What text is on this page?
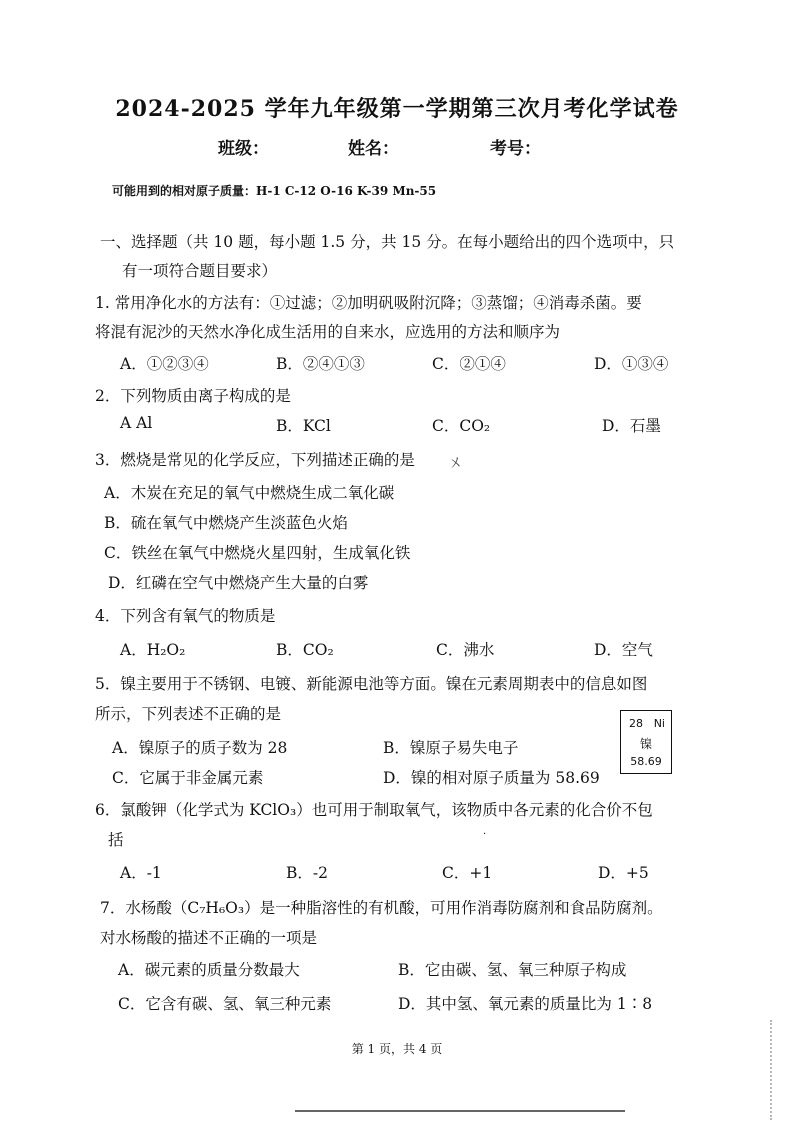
2024-2025 学年九年级第一学期第三次月考化学试卷
班级：	姓名：	考号：
可能用到的相对原子质量：H-1 C-12 O-16 K-39 Mn-55
一、选择题（共 10 题，每小题 1.5 分，共 15 分。在每小题给出的四个选项中，只
有一项符合题目要求）
1. 常用净化水的方法有：①过滤；②加明矾吸附沉降；③蒸馏；④消毒杀菌。要
将混有泥沙的天然水净化成生活用的自来水，应选用的方法和顺序为
A．①②③④	B．②④①③	C．②①④	D．①③④
2．下列物质由离子构成的是
A Al	B．KCl	C．CO₂	D．石墨
3．燃烧是常见的化学反应，下列描述正确的是 ㄨ
A．木炭在充足的氧气中燃烧生成二氧化碳
B．硫在氧气中燃烧产生淡蓝色火焰
C．铁丝在氧气中燃烧火星四射，生成氧化铁
D．红磷在空气中燃烧产生大量的白雾
4．下列含有氧气的物质是
A．H₂O₂	B．CO₂	C．沸水	D．空气
5．镍主要用于不锈钢、电镀、新能源电池等方面。镍在元素周期表中的信息如图
所示，下列表述不正确的是
A．镍原子的质子数为 28	B．镍原子易失电子
C．它属于非金属元素	D．镍的相对原子质量为 58.69
28 Ni
镍
58.69
6．氯酸钾（化学式为 KClO₃）也可用于制取氧气，该物质中各元素的化合价不包
括	·
A．-1	B．-2	C．+1	D．+5
7．水杨酸（C₇H₆O₃）是一种脂溶性的有机酸，可用作消毒防腐剂和食品防腐剂。
对水杨酸的描述不正确的一项是
A．碳元素的质量分数最大	B．它由碳、氢、氧三种原子构成
C．它含有碳、氢、氧三种元素	D．其中氢、氧元素的质量比为 1∶8
第 1 页，共 4 页
